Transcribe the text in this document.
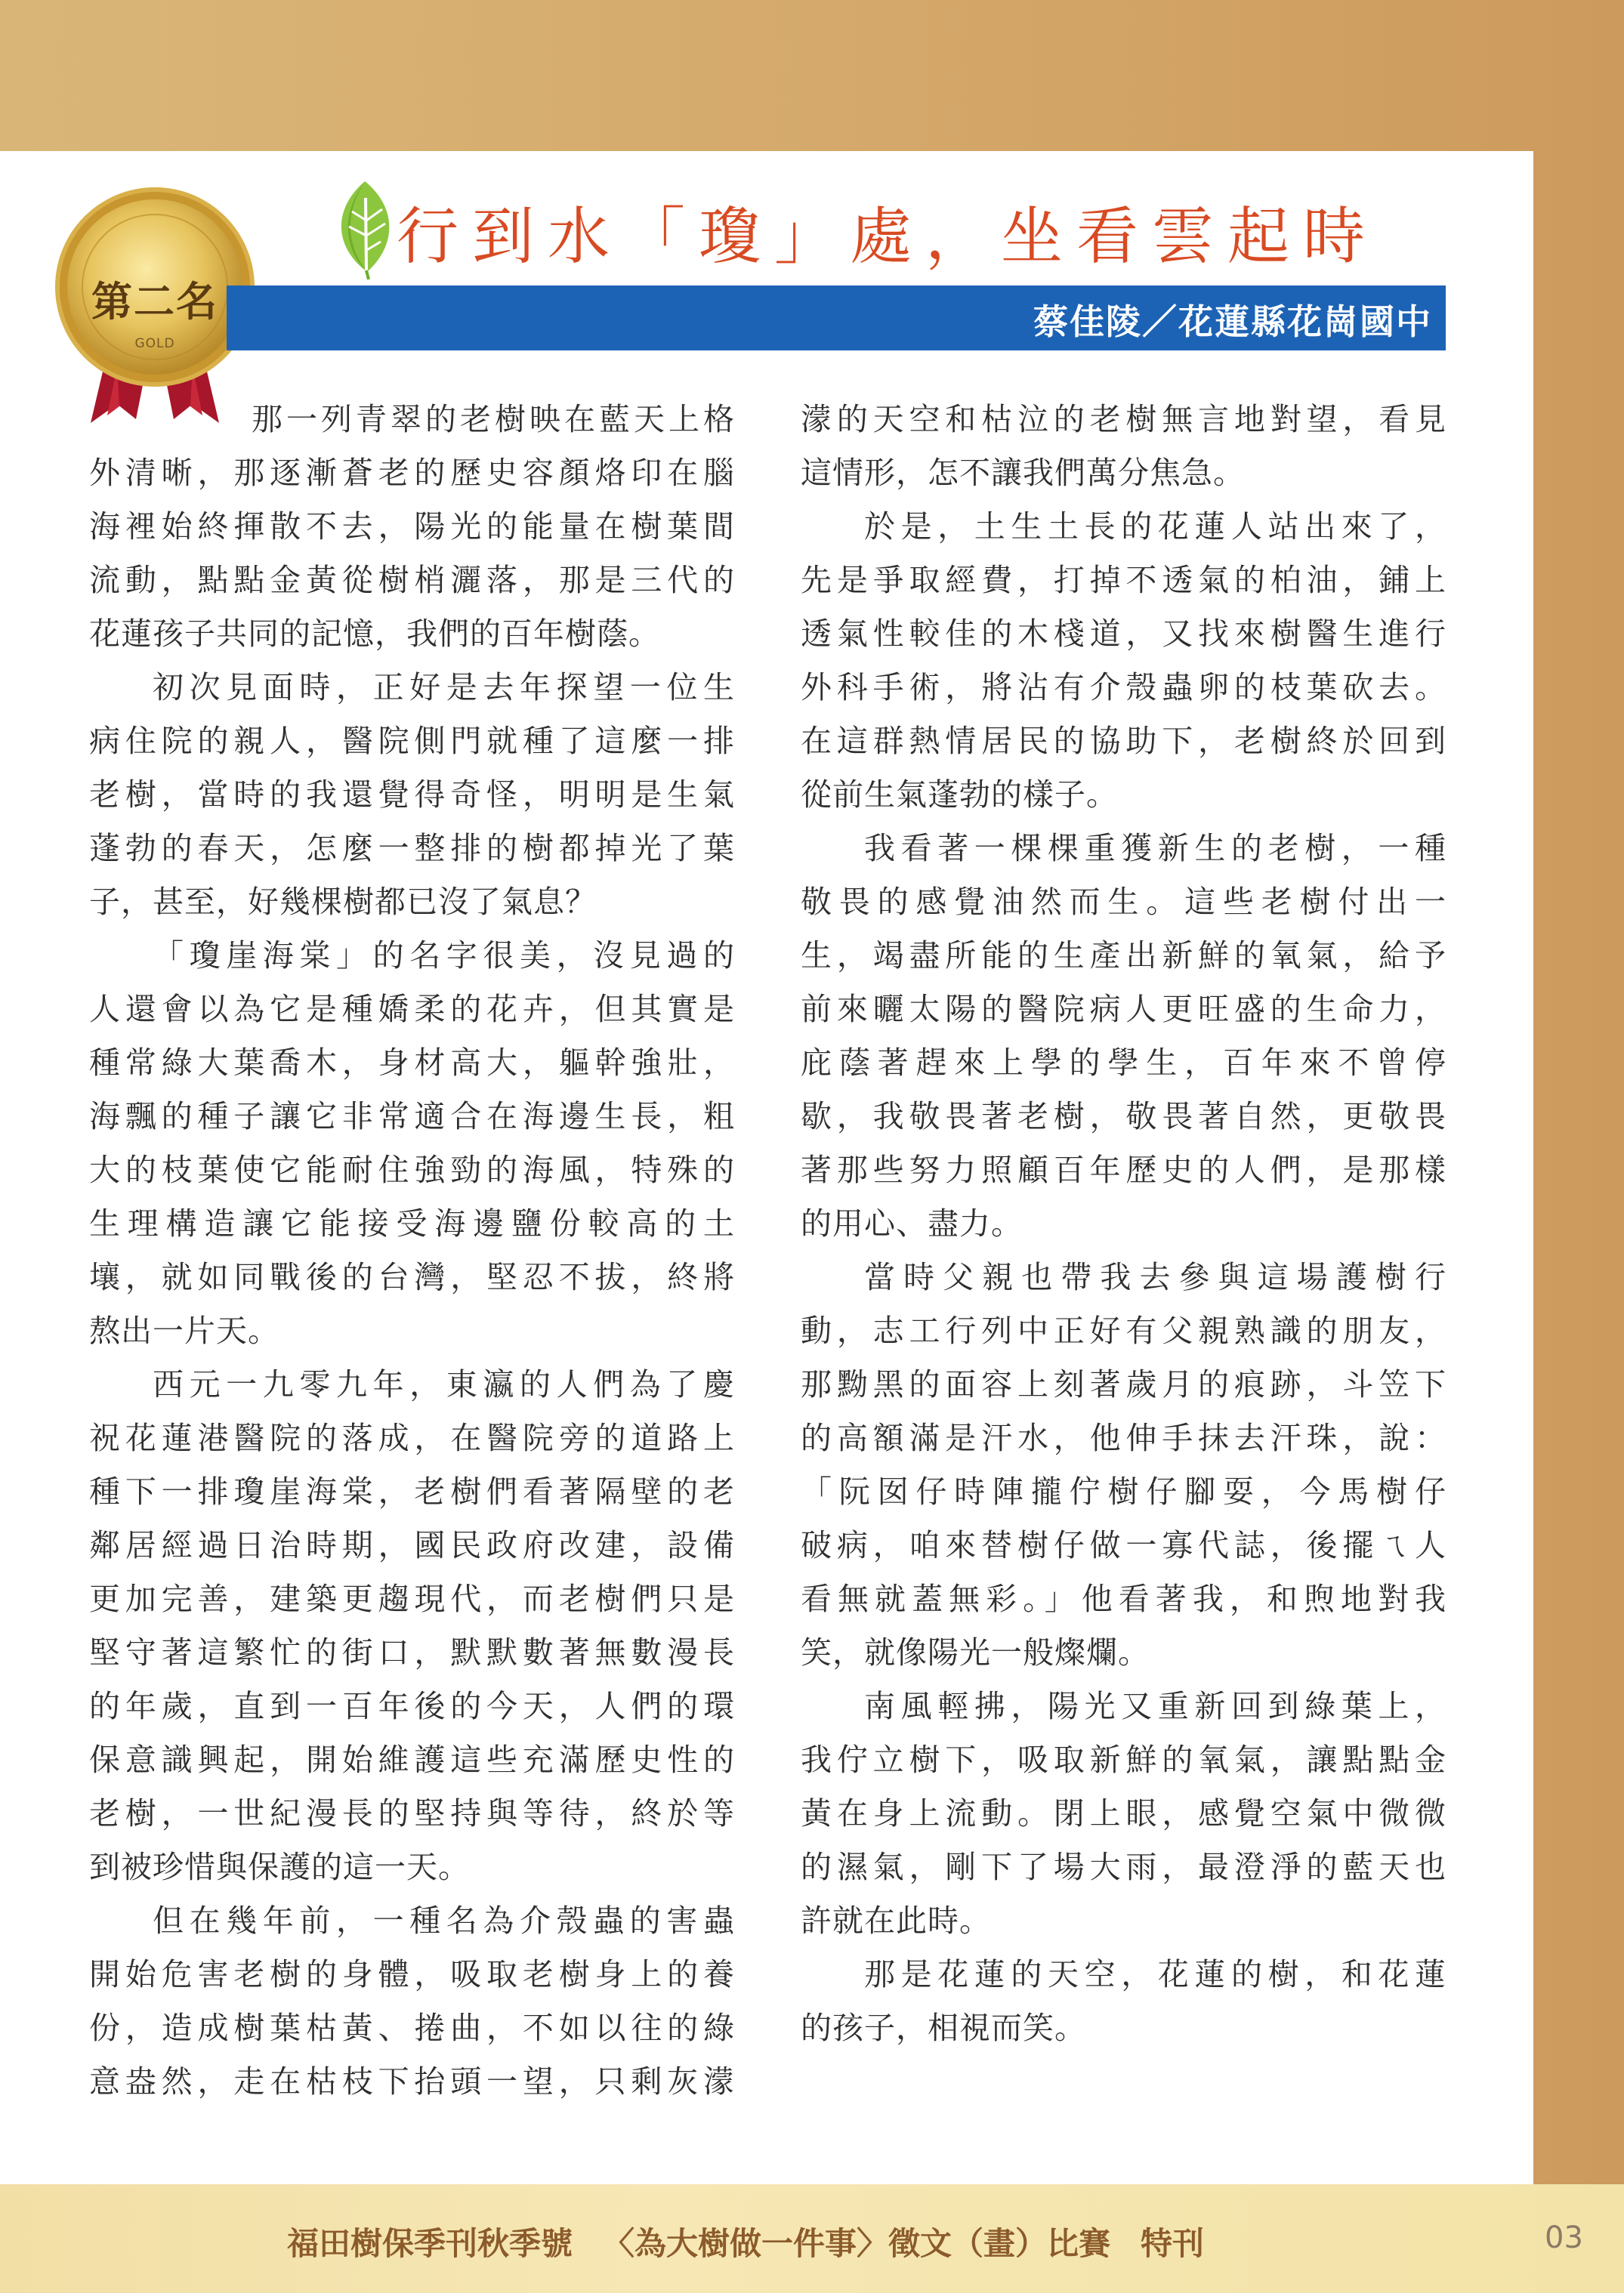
第二名
GOLD
行到水「瓊」處，坐看雲起時
蔡佳陵／花蓮縣花崗國中
那一列青翠的老樹映在藍天上格
外清晰，那逐漸蒼老的歷史容顏烙印在腦
海裡始終揮散不去，陽光的能量在樹葉間
流動，點點金黃從樹梢灑落，那是三代的
花蓮孩子共同的記憶，我們的百年樹蔭。
初次見面時，正好是去年探望一位生
病住院的親人，醫院側門就種了這麼一排
老樹，當時的我還覺得奇怪，明明是生氣
蓬勃的春天，怎麼一整排的樹都掉光了葉
子，甚至，好幾棵樹都已沒了氣息？
「瓊崖海棠」的名字很美，沒見過的
人還會以為它是種嬌柔的花卉，但其實是
種常綠大葉喬木，身材高大，軀幹強壯，
海飄的種子讓它非常適合在海邊生長，粗
大的枝葉使它能耐住強勁的海風，特殊的
生理構造讓它能接受海邊鹽份較高的土
壤，就如同戰後的台灣，堅忍不拔，終將
熬出一片天。
西元一九零九年，東瀛的人們為了慶
祝花蓮港醫院的落成，在醫院旁的道路上
種下一排瓊崖海棠，老樹們看著隔壁的老
鄰居經過日治時期，國民政府改建，設備
更加完善，建築更趨現代，而老樹們只是
堅守著這繁忙的街口，默默數著無數漫長
的年歲，直到一百年後的今天，人們的環
保意識興起，開始維護這些充滿歷史性的
老樹，一世紀漫長的堅持與等待，終於等
到被珍惜與保護的這一天。
但在幾年前，一種名為介殼蟲的害蟲
開始危害老樹的身體，吸取老樹身上的養
份，造成樹葉枯黃、捲曲，不如以往的綠
意盎然，走在枯枝下抬頭一望，只剩灰濛
濛的天空和枯泣的老樹無言地對望，看見
這情形，怎不讓我們萬分焦急。
於是，土生土長的花蓮人站出來了，
先是爭取經費，打掉不透氣的柏油，鋪上
透氣性較佳的木棧道，又找來樹醫生進行
外科手術，將沾有介殼蟲卵的枝葉砍去。
在這群熱情居民的協助下，老樹終於回到
從前生氣蓬勃的樣子。
我看著一棵棵重獲新生的老樹，一種
敬畏的感覺油然而生。這些老樹付出一
生，竭盡所能的生產出新鮮的氧氣，給予
前來曬太陽的醫院病人更旺盛的生命力，
庇蔭著趕來上學的學生，百年來不曾停
歇，我敬畏著老樹，敬畏著自然，更敬畏
著那些努力照顧百年歷史的人們，是那樣
的用心、盡力。
當時父親也帶我去參與這場護樹行
動，志工行列中正好有父親熟識的朋友，
那黝黑的面容上刻著歲月的痕跡，斗笠下
的高額滿是汗水，他伸手抹去汗珠，說：
「阮囡仔時陣攏佇樹仔腳耍，今馬樹仔
破病，咱來替樹仔做一寡代誌，後擺ㄟ人
看無就蓋無彩。」他看著我，和煦地對我
笑，就像陽光一般燦爛。
南風輕拂，陽光又重新回到綠葉上，
我佇立樹下，吸取新鮮的氧氣，讓點點金
黃在身上流動。閉上眼，感覺空氣中微微
的濕氣，剛下了場大雨，最澄淨的藍天也
許就在此時。
那是花蓮的天空，花蓮的樹，和花蓮
的孩子，相視而笑。
福田樹保季刊秋季號 〈為大樹做一件事〉徵文（畫）比賽 特刊	03
